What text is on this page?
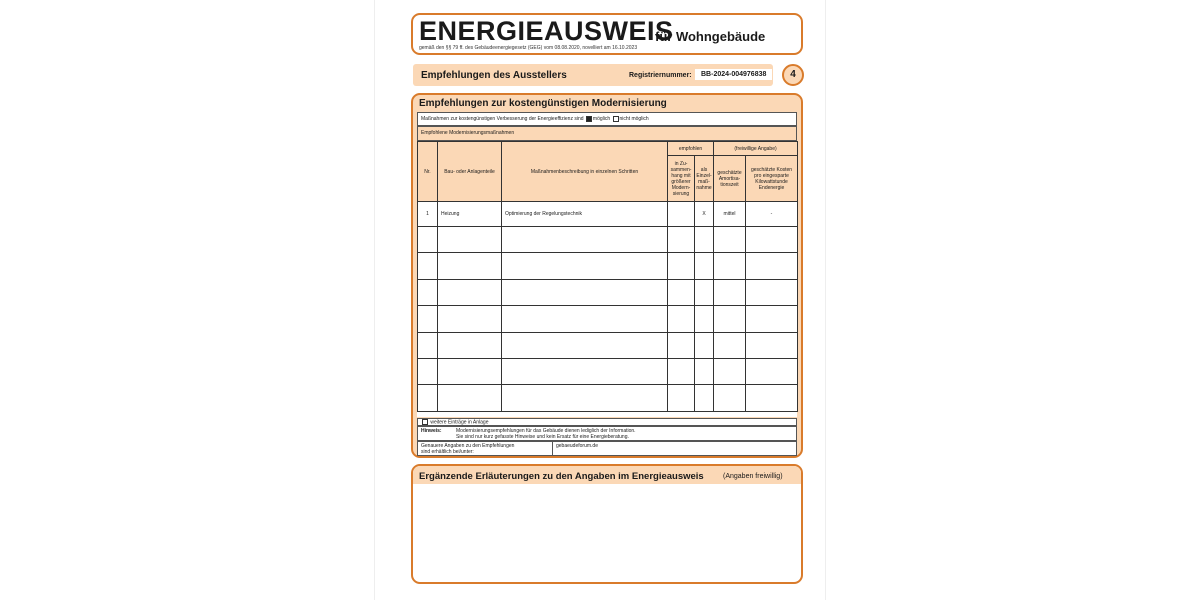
ENERGIEAUSWEIS
für Wohngebäude
gemäß den §§ 79 ff. des Gebäudeenergiegesetz (GEG) vom 08.08.2020, novelliert am 16.10.2023
Empfehlungen des Ausstellers	Registriernummer:	BB-2024-004976838	4
Empfehlungen zur kostengünstigen Modernisierung
Maßnahmen zur kostengünstigen Verbesserung der Energieeffizienz sind möglich nicht möglich
Empfohlene Modernisierungsmaßnahmen
Nr.	Bau- oder Anlagenteile	Maßnahmenbeschreibung in einzelnen Schritten	empfohlen		(freiwillige Angabe)	
			in Zu- sammen- hang mit größerer Modern- sierung	als Einzel- maß- nahme	geschätzte Amortisa- tionszeit	geschätzte Kosten pro eingesparte Kilowattstunde Endenergie
1	Heizung	Optimierung der Regelungstechnik		X	mittel	-

weitere Einträge in Anlage
Hinweis:	Modernisierungsempfehlungen für das Gebäude dienen lediglich der Information.
Sie sind nur kurz gefasste Hinweise und kein Ersatz für eine Energieberatung.
Genauere Angaben zu den Empfehlungen
sind erhältlich bei/unter:
gebaeudeforum.de
Ergänzende Erläuterungen zu den Angaben im Energieausweis	(Angaben freiwillig)
